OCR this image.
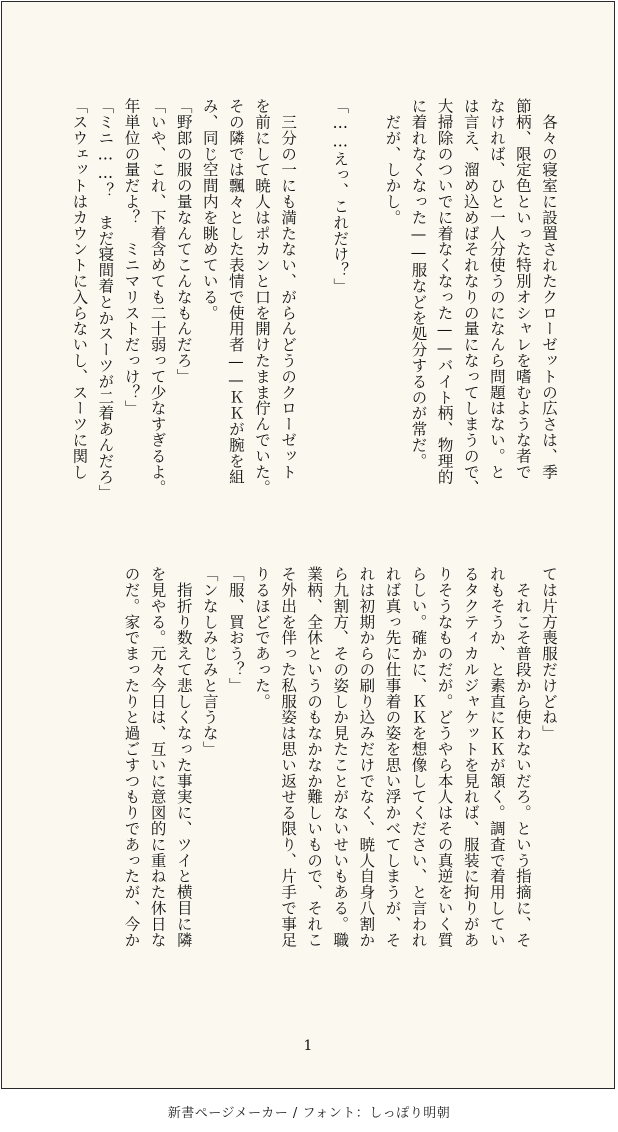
　各々の寝室に設置されたクローゼットの広さは、季

節柄、限定色といった特別オシャレを嗜むような者で

なければ、ひと一人分使うのになんら問題はない。と

は言え、溜め込めばそれなりの量になってしまうので、

大掃除のついでに着なくなった——バイト柄、物理的

に着れなくなった——服などを処分するのが常だ。

　だが、しかし。

「……えっ、これだけ？」

　三分の一にも満たない、がらんどうのクローゼット

を前にして暁人はポカンと口を開けたまま佇んでいた。

その隣では飄々とした表情で使用者——ＫＫが腕を組

み、同じ空間内を眺めている。

「野郎の服の量なんてこんなもんだろ」

「いや、これ、下着含めても二十弱って少なすぎるよ。

年単位の量だよ？　ミニマリストだっけ？」

「ミニ……？　まだ寝間着とかスーツが二着あんだろ」

「スウェットはカウントに入らないし、スーツに関し

ては片方喪服だけどね」

　それこそ普段から使わないだろ。という指摘に、そ

れもそうか、と素直にＫＫが頷く。調査で着用してい

るタクティカルジャケットを見れば、服装に拘りがあ

りそうなものだが。どうやら本人はその真逆をいく質

らしい。確かに、ＫＫを想像してください、と言われ

れば真っ先に仕事着の姿を思い浮かべてしまうが、そ

れは初期からの刷り込みだけでなく、暁人自身八割か

ら九割方、その姿しか見たことがないせいもある。職

業柄、全休というのもなかなか難しいもので、それこ

そ外出を伴った私服姿は思い返せる限り、片手で事足

りるほどであった。

「服、買おう？」

「ンなしみじみと言うな」

　指折り数えて悲しくなった事実に、ツイと横目に隣

を見やる。元々今日は、互いに意図的に重ねた休日な

のだ。家でまったりと過ごすつもりであったが、今か

1
新書ページメーカー / フォント：しっぽり明朝
